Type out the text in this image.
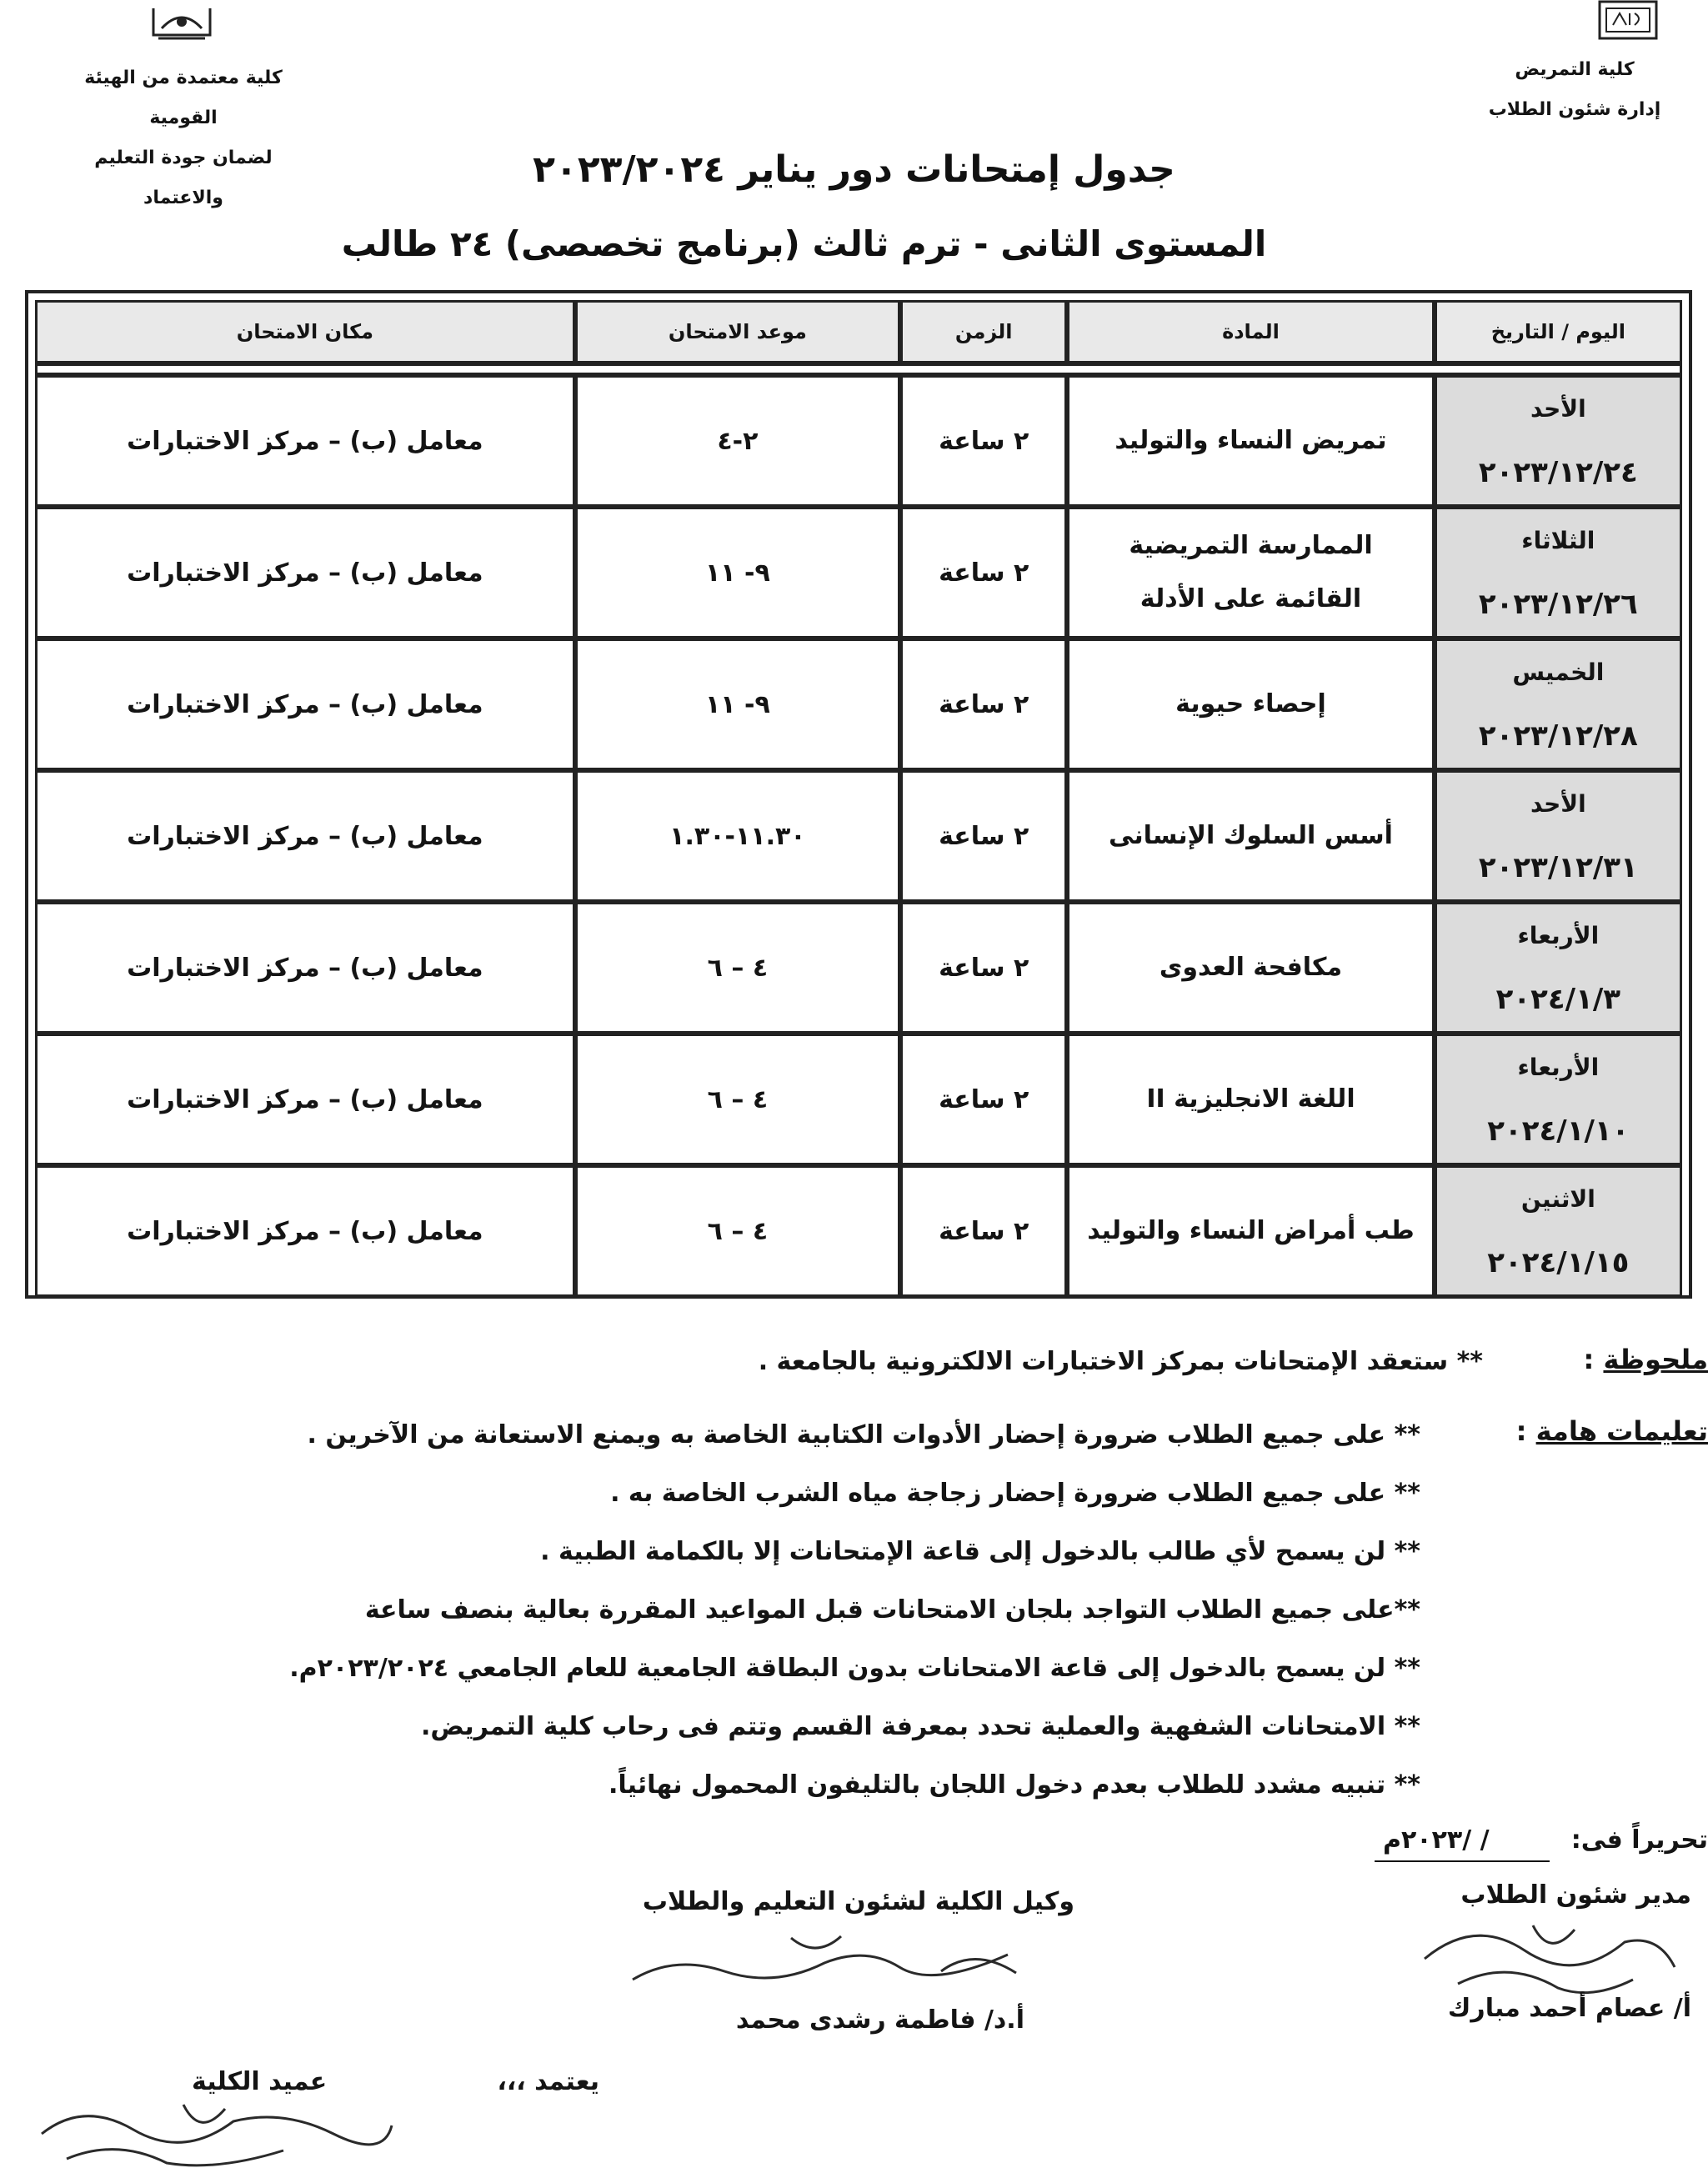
كلية التمريض
إدارة شئون الطلاب
كلية معتمدة من الهيئة القومية
لضمان جودة التعليم والاعتماد
جدول إمتحانات دور يناير ٢٠٢٣/٢٠٢٤
المستوى الثانى - ترم ثالث (برنامج تخصصى) ٢٤ طالب
اليوم / التاريخ	المادة	الزمن	موعد الامتحان	مكان الامتحان

الأحد
٢٠٢٣/١٢/٢٤	تمريض النساء والتوليد	٢ ساعة	٢-٤	معامل (ب) – مركز الاختبارات

الثلاثاء
٢٠٢٣/١٢/٢٦	الممارسة التمريضية
القائمة على الأدلة	٢ ساعة	٩- ١١	معامل (ب) – مركز الاختبارات

الخميس
٢٠٢٣/١٢/٢٨	إحصاء حيوية	٢ ساعة	٩- ١١	معامل (ب) – مركز الاختبارات

الأحد
٢٠٢٣/١٢/٣١	أسس السلوك الإنسانى	٢ ساعة	١١.٣٠-١.٣٠	معامل (ب) – مركز الاختبارات

الأربعاء
٢٠٢٤/١/٣	مكافحة العدوى	٢ ساعة	٤ – ٦	معامل (ب) – مركز الاختبارات

الأربعاء
٢٠٢٤/١/١٠	اللغة الانجليزية II	٢ ساعة	٤ – ٦	معامل (ب) – مركز الاختبارات

الاثنين
٢٠٢٤/١/١٥	طب أمراض النساء والتوليد	٢ ساعة	٤ – ٦	معامل (ب) – مركز الاختبارات
ملحوظة :
** ستعقد الإمتحانات بمركز الاختبارات الالكترونية بالجامعة .
تعليمات هامة :
** على جميع الطلاب ضرورة إحضار الأدوات الكتابية الخاصة به ويمنع الاستعانة من الآخرين .
** على جميع الطلاب ضرورة إحضار زجاجة مياه الشرب الخاصة به .
** لن يسمح لأي طالب بالدخول إلى قاعة الإمتحانات إلا بالكمامة الطبية .
**على جميع الطلاب التواجد بلجان الامتحانات قبل المواعيد المقررة بعالية بنصف ساعة
** لن يسمح بالدخول إلى قاعة الامتحانات بدون البطاقة الجامعية للعام الجامعي ٢٠٢٣/٢٠٢٤م.
** الامتحانات الشفهية والعملية تحدد بمعرفة القسم وتتم فى رحاب كلية التمريض.
** تنبيه مشدد للطلاب بعدم دخول اللجان بالتليفون المحمول نهائياً.
تحريراً فى:
/ /٢٠٢٣م
مدير شئون الطلاب
أ/ عصام أحمد مبارك
وكيل الكلية لشئون التعليم والطلاب
أ.د/ فاطمة رشدى محمد
يعتمد ،،،
عميد الكلية
